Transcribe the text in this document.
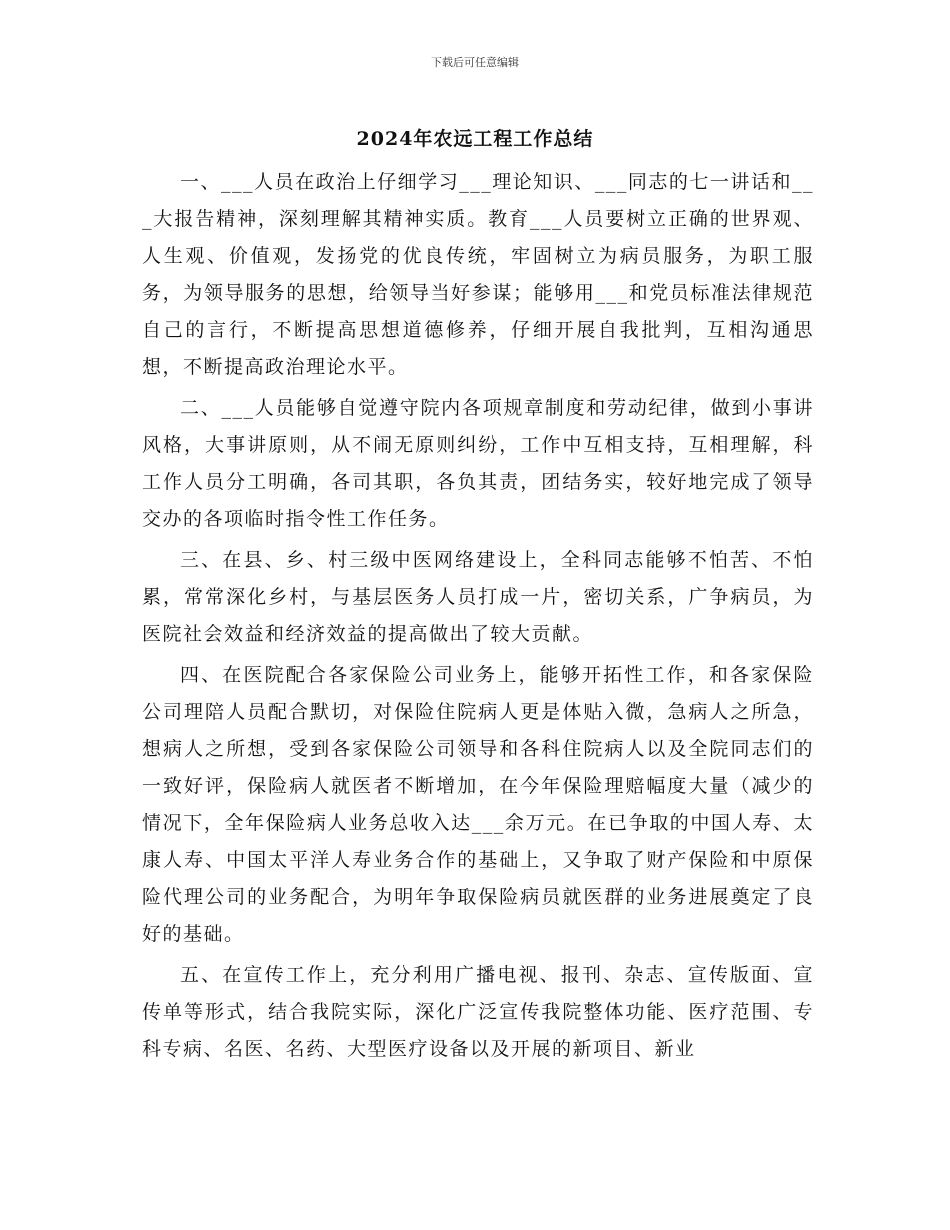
下载后可任意编辑
2024年农远工程工作总结

一、___人员在政治上仔细学习___理论知识、___同志的七一讲话和___大报告精神，深刻理解其精神实质。教育___人员要树立正确的世界观、人生观、价值观，发扬党的优良传统，牢固树立为病员服务，为职工服务，为领导服务的思想，给领导当好参谋；能够用___和党员标准法律规范自己的言行，不断提高思想道德修养，仔细开展自我批判，互相沟通思想，不断提高政治理论水平。

二、___人员能够自觉遵守院内各项规章制度和劳动纪律，做到小事讲风格，大事讲原则，从不闹无原则纠纷，工作中互相支持，互相理解，科工作人员分工明确，各司其职，各负其责，团结务实，较好地完成了领导交办的各项临时指令性工作任务。

三、在县、乡、村三级中医网络建设上，全科同志能够不怕苦、不怕累，常常深化乡村，与基层医务人员打成一片，密切关系，广争病员，为医院社会效益和经济效益的提高做出了较大贡献。

四、在医院配合各家保险公司业务上，能够开拓性工作，和各家保险公司理陪人员配合默切，对保险住院病人更是体贴入微，急病人之所急，想病人之所想，受到各家保险公司领导和各科住院病人以及全院同志们的一致好评，保险病人就医者不断增加，在今年保险理赔幅度大量（减少的情况下，全年保险病人业务总收入达___余万元。在已争取的中国人寿、太康人寿、中国太平洋人寿业务合作的基础上，又争取了财产保险和中原保险代理公司的业务配合，为明年争取保险病员就医群的业务进展奠定了良好的基础。

五、在宣传工作上，充分利用广播电视、报刊、杂志、宣传版面、宣传单等形式，结合我院实际，深化广泛宣传我院整体功能、医疗范围、专科专病、名医、名药、大型医疗设备以及开展的新项目、新业
